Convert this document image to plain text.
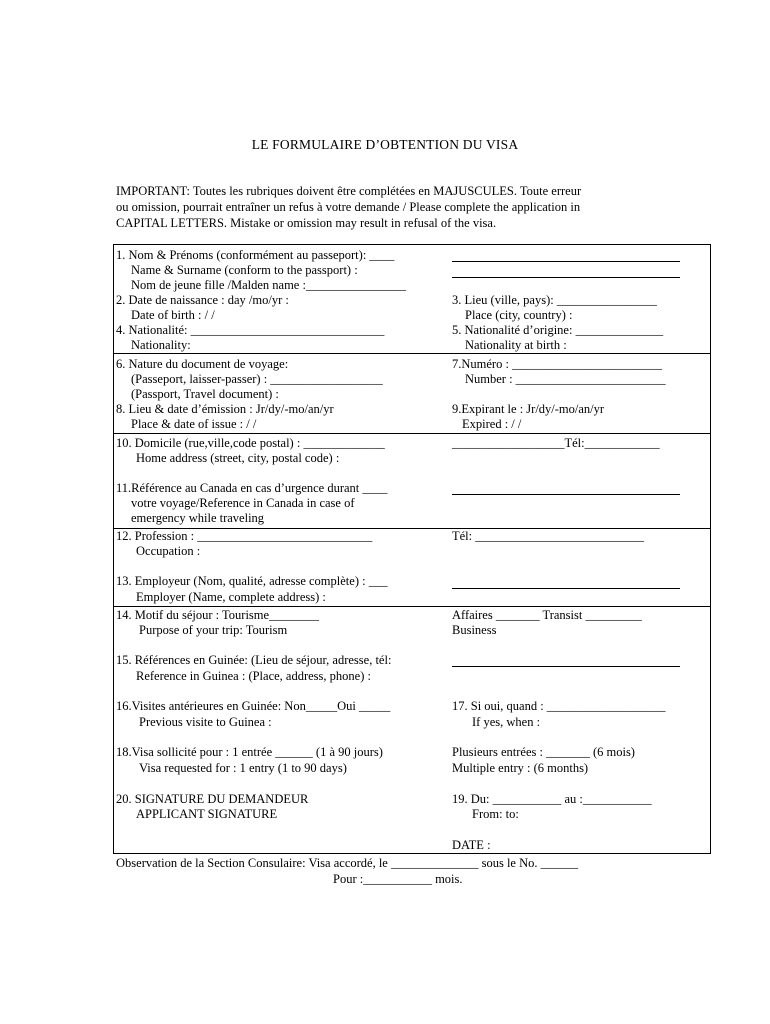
LE FORMULAIRE D’OBTENTION DU VISA
IMPORTANT: Toutes les rubriques doivent être complétées en MAJUSCULES. Toute erreur
ou omission, pourrait entraîner un refus à votre demande / Please complete the application in
CAPITAL LETTERS. Mistake or omission may result in refusal of the visa.
1. Nom & Prénoms (conformément au passeport): ____
Name & Surname (conform to the passport) :
Nom de jeune fille /Malden name :________________
2. Date de naissance : day /mo/yr :
Date of birth : / /
3. Lieu (ville, pays): ________________
Place (city, country) :
4. Nationalité: _______________________________
Nationality:
5. Nationalité d’origine: ______________
Nationality at birth :
6. Nature du document de voyage:
(Passeport, laisser-passer) : __________________
(Passport, Travel document) :
7.Numéro : ________________________
Number : ________________________
8. Lieu & date d’émission : Jr/dy/-mo/an/yr
Place & date of issue : / /
9.Expirant le : Jr/dy/-mo/an/yr
Expired : / /
10. Domicile (rue,ville,code postal) : _____________
Home address (street, city, postal code) :
__________________Tél:____________
11.Référence au Canada en cas d’urgence durant ____
votre voyage/Reference in Canada in case of
emergency while traveling
12. Profession : ____________________________
Occupation :
Tél: ___________________________
13. Employeur (Nom, qualité, adresse complète) : ___
Employer (Name, complete address) :
14. Motif du séjour : Tourisme________
Purpose of your trip: Tourism
Affaires _______ Transist _________
Business
15. Références en Guinée: (Lieu de séjour, adresse, tél:
Reference in Guinea : (Place, address, phone) :
16.Visites antérieures en Guinée: Non_____Oui _____
Previous visite to Guinea :
17. Si oui, quand : ___________________
If yes, when :
18.Visa sollicité pour : 1 entrée ______ (1 à 90 jours)
Visa requested for : 1 entry (1 to 90 days)
Plusieurs entrées : _______ (6 mois)
Multiple entry : (6 months)
20. SIGNATURE DU DEMANDEUR
APPLICANT SIGNATURE
19. Du: ___________ au :___________
From: to:
DATE :
Observation de la Section Consulaire: Visa accordé, le ______________ sous le No. ______
Pour :___________ mois.
